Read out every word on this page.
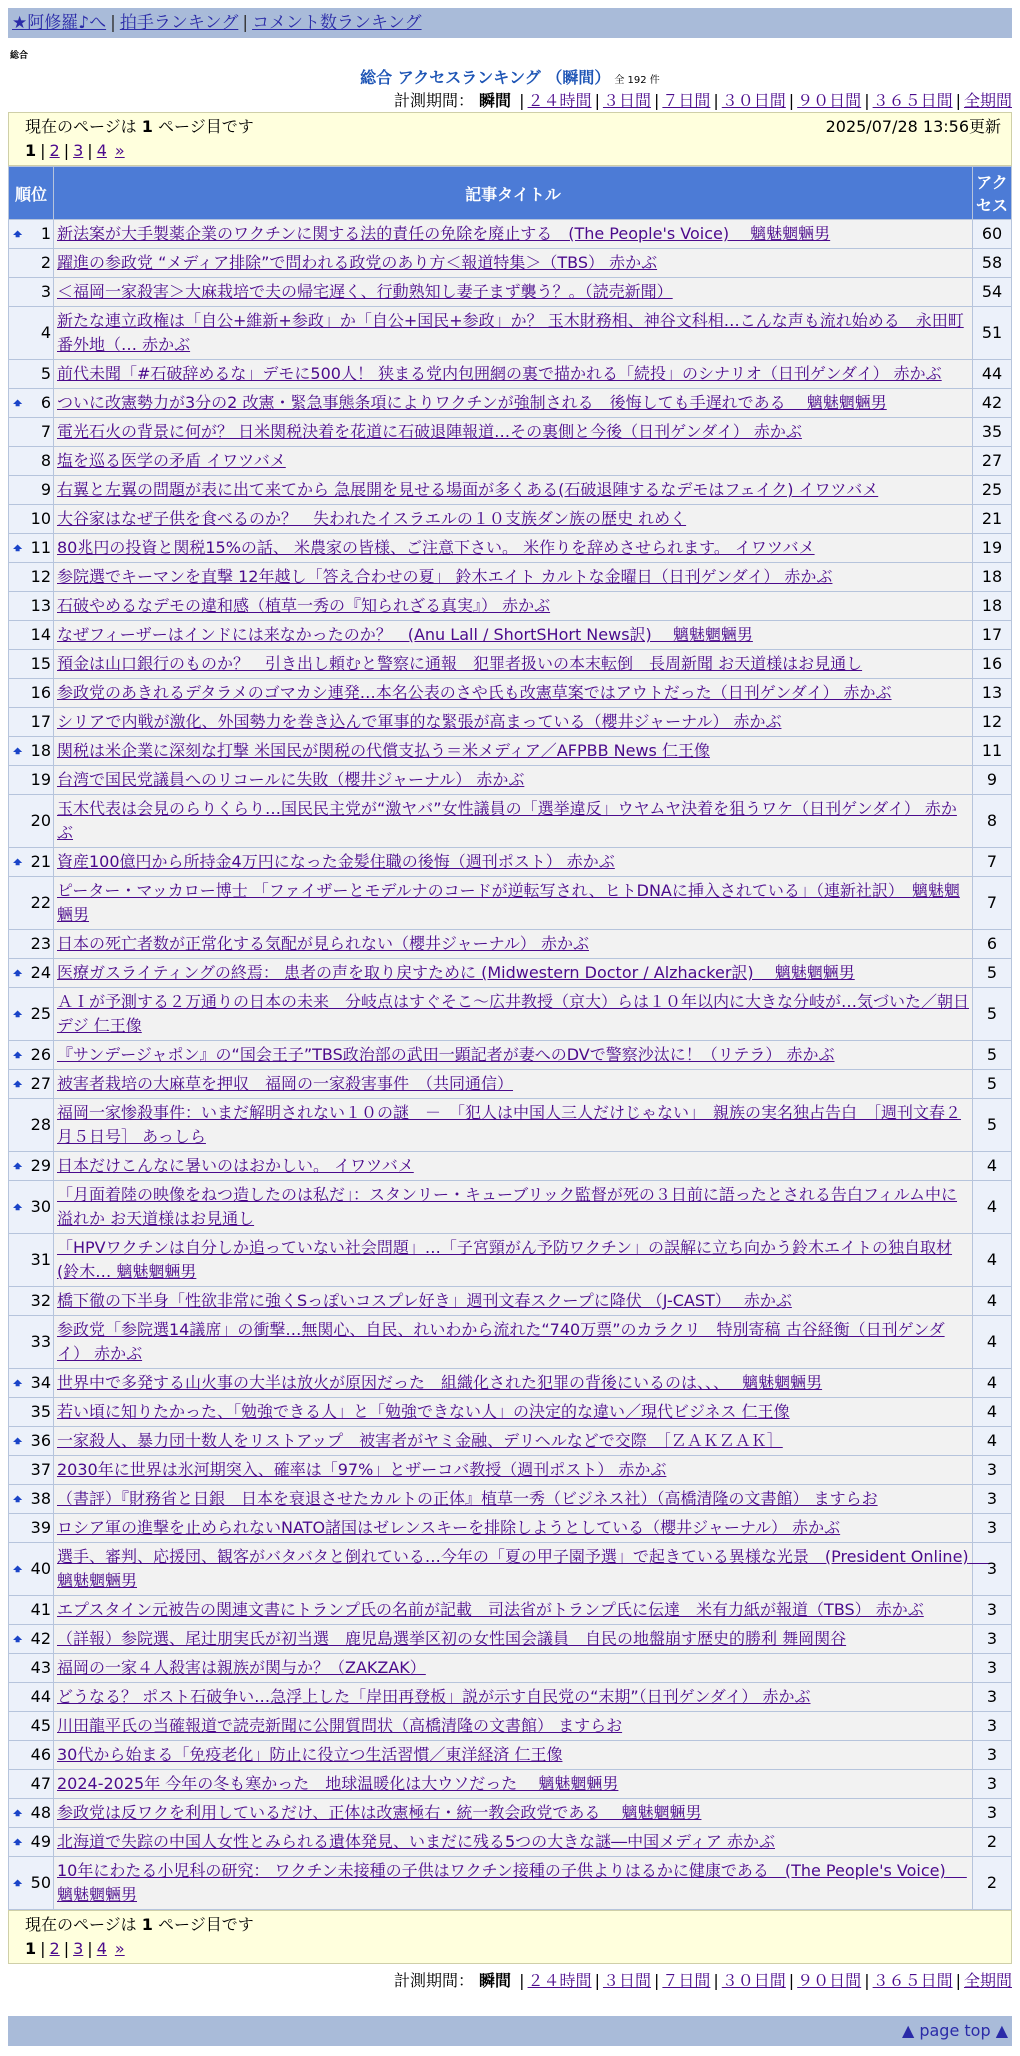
★阿修羅♪へ | 拍手ランキング | コメント数ランキング
総合
総合 アクセスランキング （瞬間） 全 192 件
計測期間： 瞬間 | ２４時間 | ３日間 | ７日間 | ３０日間 | ９０日間 | ３６５日間 | 全期間
現在のページは 1 ページ目です	2025/07/28 13:56更新
1 | 2 | 3 | 4 »
順位	記事タイトル	アクセス

🠹 1	新法案が大手製薬企業のワクチンに関する法的責任の免除を廃止する　(The People's Voice)　 魑魅魍魎男	60
2	躍進の参政党 “メディア排除”で問われる政党のあり方＜報道特集＞（TBS） 赤かぶ	58
3	＜福岡一家殺害＞大麻栽培で夫の帰宅遅く、行動熟知し妻子まず襲う？。（読売新聞）	54
4	新たな連立政権は「自公+維新+参政」か「自公+国民+参政」か？ 玉木財務相、神谷文科相…こんな声も流れ始める　永田町番外地（… 赤かぶ	51
5	前代未聞「#石破辞めるな」デモに500人！ 狭まる党内包囲網の裏で描かれる「続投」のシナリオ（日刊ゲンダイ） 赤かぶ	44

🠹 6	ついに改憲勢力が3分の2 改憲・緊急事態条項によりワクチンが強制される　後悔しても手遅れである　 魑魅魍魎男	42
7	電光石火の背景に何が？ 日米関税決着を花道に石破退陣報道…その裏側と今後（日刊ゲンダイ） 赤かぶ	35
8	塩を巡る医学の矛盾 イワツバメ	27
9	右翼と左翼の問題が表に出て来てから 急展開を見せる場面が多くある(石破退陣するなデモはフェイク) イワツバメ	25
10	大谷家はなぜ子供を食べるのか？　失われたイスラエルの１０支族ダン族の歴史 れめく	21

🠹 11	80兆円の投資と関税15%の話、 米農家の皆様、ご注意下さい。 米作りを辞めさせられます。 イワツバメ	19
12	参院選でキーマンを直撃 12年越し「答え合わせの夏」 鈴木エイト カルトな金曜日（日刊ゲンダイ） 赤かぶ	18
13	石破やめるなデモの違和感（植草一秀の『知られざる真実』） 赤かぶ	18
14	なぜフィーザーはインドには来なかったのか？　(Anu Lall / ShortSHort News訳)　 魑魅魍魎男	17
15	預金は山口銀行のものか？　引き出し頼むと警察に通報　犯罪者扱いの本末転倒　長周新聞 お天道様はお見通し	16
16	参政党のあきれるデタラメのゴマカシ連発…本名公表のさや氏も改憲草案ではアウトだった（日刊ゲンダイ） 赤かぶ	13
17	シリアで内戦が激化、外国勢力を巻き込んで軍事的な緊張が高まっている（櫻井ジャーナル） 赤かぶ	12

🠹 18	関税は米企業に深刻な打撃 米国民が関税の代償支払う＝米メディア／AFPBB News 仁王像	11
19	台湾で国民党議員へのリコールに失敗（櫻井ジャーナル） 赤かぶ	9
20	玉木代表は会見のらりくらり…国民民主党が“激ヤバ”女性議員の「選挙違反」ウヤムヤ決着を狙うワケ（日刊ゲンダイ） 赤かぶ	8

🠹 21	資産100億円から所持金4万円になった金髪住職の後悔（週刊ポスト） 赤かぶ	7
22	ピーター・マッカロー博士 「ファイザーとモデルナのコードが逆転写され、ヒトDNAに挿入されている」（連新社訳）　魑魅魍魎男	7
23	日本の死亡者数が正常化する気配が見られない（櫻井ジャーナル） 赤かぶ	6

🠹 24	医療ガスライティングの終焉： 患者の声を取り戻すために (Midwestern Doctor / Alzhacker訳)　 魑魅魍魎男	5

🠹 25	ＡＩが予測する２万通りの日本の未来　分岐点はすぐそこ〜広井教授（京大）らは１０年以内に大きな分岐が…気づいた／朝日デジ 仁王像	5

🠹 26	『サンデージャポン』の“国会王子”TBS政治部の武田一顕記者が妻へのDVで警察沙汰に！（リテラ） 赤かぶ	5

🠹 27	被害者栽培の大麻草を押収　福岡の一家殺害事件　（共同通信）	5
28	福岡一家惨殺事件：いまだ解明されない１０の謎　－　「犯人は中国人三人だけじゃない」　親族の実名独占告白　［週刊文春２月５日号］ あっしら	5

🠹 29	日本だけこんなに暑いのはおかしい。 イワツバメ	4

🠹 30	「月面着陸の映像をねつ造したのは私だ」：スタンリー・キューブリック監督が死の３日前に語ったとされる告白フィルム中に 溢れか お天道様はお見通し	4
31	「HPVワクチンは自分しか追っていない社会問題」…「子宮頸がん予防ワクチン」の誤解に立ち向かう鈴木エイトの独自取材(鈴木… 魑魅魍魎男	4
32	橋下徹の下半身「性欲非常に強くSっぽいコスプレ好き」週刊文春スクープに降伏 （J-CAST）　 赤かぶ	4
33	参政党「参院選14議席」の衝撃…無関心、自民、れいわから流れた“740万票”のカラクリ　特別寄稿 古谷経衡（日刊ゲンダイ） 赤かぶ	4

🠹 34	世界中で多発する山火事の大半は放火が原因だった　組織化された犯罪の背後にいるのは、、、　 魑魅魍魎男	4
35	若い頃に知りたかった、「勉強できる人」と「勉強できない人」の決定的な違い／現代ビジネス 仁王像	4

🠹 36	一家殺人、暴力団十数人をリストアップ　被害者がヤミ金融、デリヘルなどで交際　［ＺＡＫＺＡＫ］	4
37	2030年に世界は氷河期突入、確率は「97%」とザーコバ教授（週刊ポスト） 赤かぶ	3

🠹 38	（書評）『財務省と日銀　日本を衰退させたカルトの正体』植草一秀（ビジネス社）（高橋清隆の文書館） ますらお	3
39	ロシア軍の進撃を止められないNATO諸国はゼレンスキーを排除しようとしている（櫻井ジャーナル） 赤かぶ	3

🠹 40	選手、審判、応援団、観客がバタバタと倒れている…今年の「夏の甲子園予選」で起きている異様な光景　(President Online)　 魑魅魍魎男	3
41	エプスタイン元被告の関連文書にトランプ氏の名前が記載　司法省がトランプ氏に伝達　米有力紙が報道（TBS） 赤かぶ	3

🠹 42	（詳報）参院選、尾辻朋実氏が初当選　鹿児島選挙区初の女性国会議員　自民の地盤崩す歴史的勝利 舞岡関谷	3
43	福岡の一家４人殺害は親族が関与か？（ZAKZAK）	3
44	どうなる？ ポスト石破争い…急浮上した「岸田再登板」説が示す自民党の“末期”（日刊ゲンダイ） 赤かぶ	3
45	川田龍平氏の当確報道で読売新聞に公開質問状（高橋清隆の文書館） ますらお	3
46	30代から始まる「免疫老化」防止に役立つ生活習慣／東洋経済 仁王像	3
47	2024-2025年 今年の冬も寒かった　地球温暖化は大ウソだった　 魑魅魍魎男	3

🠹 48	参政党は反ワクを利用しているだけ、正体は改憲極右・統一教会政党である　 魑魅魍魎男	3

🠹 49	北海道で失踪の中国人女性とみられる遺体発見、いまだに残る5つの大きな謎―中国メディア 赤かぶ	2

🠹 50	10年にわたる小児科の研究： ワクチン未接種の子供はワクチン接種の子供よりはるかに健康である　(The People's Voice)　 魑魅魍魎男	2
現在のページは 1 ページ目です
1 | 2 | 3 | 4 »
計測期間： 瞬間 | ２４時間 | ３日間 | ７日間 | ３０日間 | ９０日間 | ３６５日間 | 全期間
▲ page top ▲
